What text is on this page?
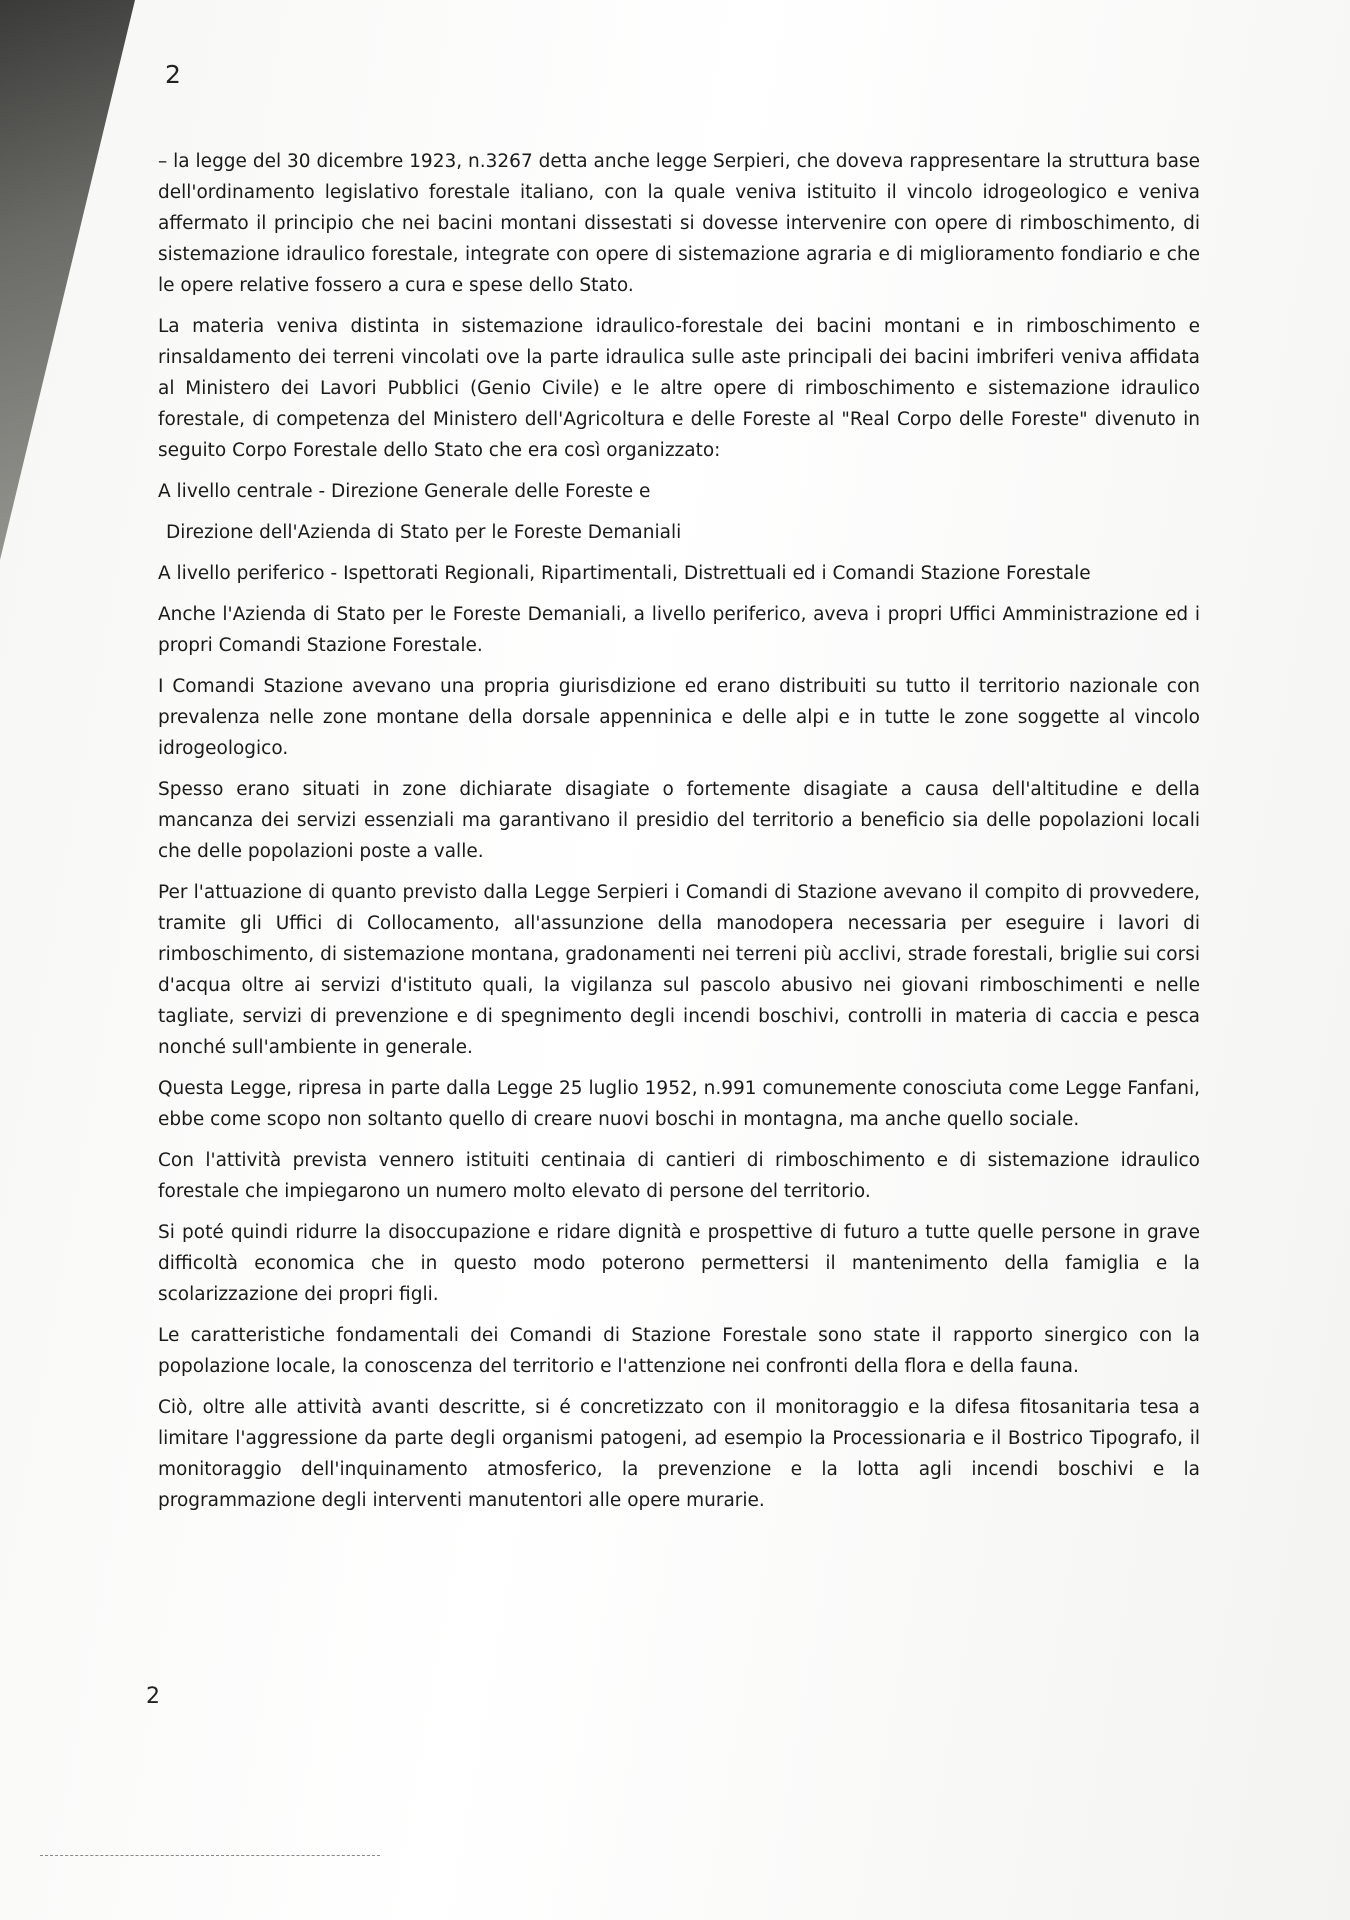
2

– la legge del 30 dicembre 1923, n.3267 detta anche legge Serpieri, che doveva rappresentare la struttura base dell'ordinamento legislativo forestale italiano, con la quale veniva istituito il vincolo idrogeologico e veniva affermato il principio che nei bacini montani dissestati si dovesse intervenire con opere di rimboschimento, di sistemazione idraulico forestale, integrate con opere di sistemazione agraria e di miglioramento fondiario e che le opere relative fossero a cura e spese dello Stato.

La materia veniva distinta in sistemazione idraulico-forestale dei bacini montani e in rimboschimento e rinsaldamento dei terreni vincolati ove la parte idraulica sulle aste principali dei bacini imbriferi veniva affidata al Ministero dei Lavori Pubblici (Genio Civile) e le altre opere di rimboschimento e sistemazione idraulico forestale, di competenza del Ministero dell'Agricoltura e delle Foreste al "Real Corpo delle Foreste" divenuto in seguito Corpo Forestale dello Stato che era così organizzato:

A livello centrale - Direzione Generale delle Foreste e

Direzione dell'Azienda di Stato per le Foreste Demaniali

A livello periferico - Ispettorati Regionali, Ripartimentali, Distrettuali ed i Comandi Stazione Forestale

Anche l'Azienda di Stato per le Foreste Demaniali, a livello periferico, aveva i propri Uffici Amministrazione ed i propri Comandi Stazione Forestale.

I Comandi Stazione avevano una propria giurisdizione ed erano distribuiti su tutto il territorio nazionale con prevalenza nelle zone montane della dorsale appenninica e delle alpi e in tutte le zone soggette al vincolo idrogeologico.

Spesso erano situati in zone dichiarate disagiate o fortemente disagiate a causa dell'altitudine e della mancanza dei servizi essenziali ma garantivano il presidio del territorio a beneficio sia delle popolazioni locali che delle popolazioni poste a valle.

Per l'attuazione di quanto previsto dalla Legge Serpieri i Comandi di Stazione avevano il compito di provvedere, tramite gli Uffici di Collocamento, all'assunzione della manodopera necessaria per eseguire i lavori di rimboschimento, di sistemazione montana, gradonamenti nei terreni più acclivi, strade forestali, briglie sui corsi d'acqua oltre ai servizi d'istituto quali, la vigilanza sul pascolo abusivo nei giovani rimboschimenti e nelle tagliate, servizi di prevenzione e di spegnimento degli incendi boschivi, controlli in materia di caccia e pesca nonché sull'ambiente in generale.

Questa Legge, ripresa in parte dalla Legge 25 luglio 1952, n.991 comunemente conosciuta come Legge Fanfani, ebbe come scopo non soltanto quello di creare nuovi boschi in montagna, ma anche quello sociale.

Con l'attività prevista vennero istituiti centinaia di cantieri di rimboschimento e di sistemazione idraulico forestale che impiegarono un numero molto elevato di persone del territorio.

Si poté quindi ridurre la disoccupazione e ridare dignità e prospettive di futuro a tutte quelle persone in grave difficoltà economica che in questo modo poterono permettersi il mantenimento della famiglia e la scolarizzazione dei propri figli.

Le caratteristiche fondamentali dei Comandi di Stazione Forestale sono state il rapporto sinergico con la popolazione locale, la conoscenza del territorio e l'attenzione nei confronti della flora e della fauna.

Ciò, oltre alle attività avanti descritte, si é concretizzato con il monitoraggio e la difesa fitosanitaria tesa a limitare l'aggressione da parte degli organismi patogeni, ad esempio la Processionaria e il Bostrico Tipografo, il monitoraggio dell'inquinamento atmosferico, la prevenzione e la lotta agli incendi boschivi e la programmazione degli interventi manutentori alle opere murarie.

2
